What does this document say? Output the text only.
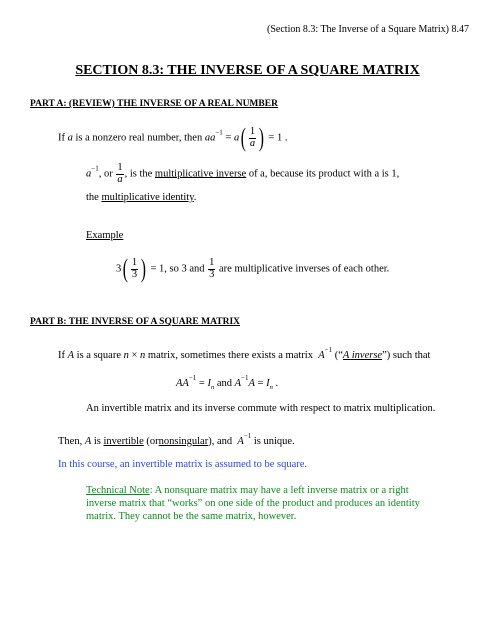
(Section 8.3: The Inverse of a Square Matrix) 8.47
SECTION 8.3: THE INVERSE OF A SQUARE MATRIX
PART A: (REVIEW) THE INVERSE OF A REAL NUMBER
If a is a nonzero real number, then $aa^{-1} = a( \frac{1}{a}$ ) = 1 .
$a^{-1}$, or $\frac{1}{a}$ , is the multiplicative inverse of a, because its product with a is 1,
the multiplicative identity.
Example
$3( \frac{1}{3}$ ) = 1, so 3 and $\frac{1}{3}$ are multiplicative inverses of each other.
PART B: THE INVERSE OF A SQUARE MATRIX
If A is a square n × n matrix, sometimes there exists a matrix $A^{-1}$ (“A inverse”) such that
$AA^{-1} = I_n$ and $A^{-1}A = I_n$ .
An invertible matrix and its inverse commute with respect to matrix multiplication.
Then, A is invertible (ornonsingular), and $A^{-1}$ is unique.
In this course, an invertible matrix is assumed to be square.
Technical Note: A nonsquare matrix may have a left inverse matrix or a right
inverse matrix that “works” on one side of the product and produces an identity
matrix. They cannot be the same matrix, however.
